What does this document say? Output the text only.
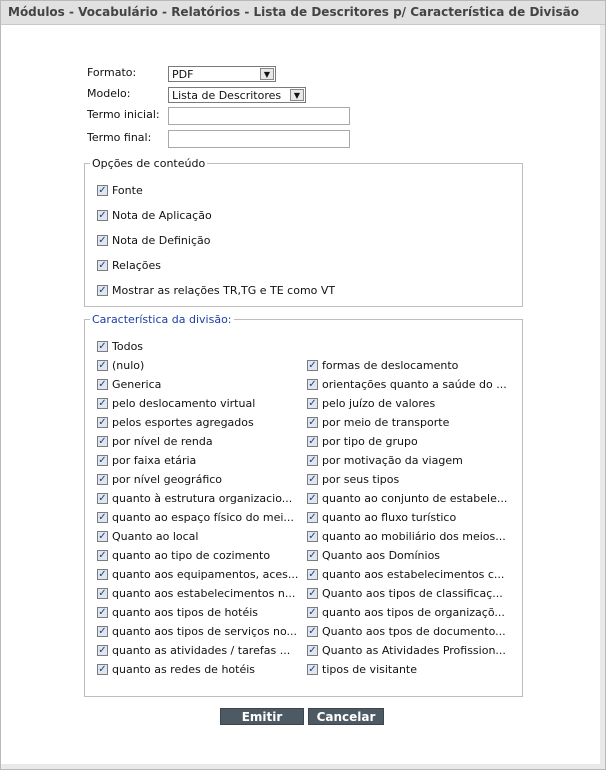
Módulos - Vocabulário - Relatórios - Lista de Descritores p/ Característica de Divisão
Formato:	PDF	▼
Modelo:	Lista de Descritores	▼
Termo inicial:
Termo final:
Opções de conteúdo
✓ Fonte
✓ Nota de Aplicação
✓ Nota de Definição
✓ Relações
✓ Mostrar as relações TR,TG e TE como VT
Característica da divisão:
✓ Todos
✓ (nulo)
✓ Generica
✓ pelo deslocamento virtual
✓ pelos esportes agregados
✓ por nível de renda
✓ por faixa etária
✓ por nível geográfico
✓ quanto à estrutura organizacio...
✓ quanto ao espaço físico do mei...
✓ Quanto ao local
✓ quanto ao tipo de cozimento
✓ quanto aos equipamentos, aces...
✓ quanto aos estabelecimentos n...
✓ quanto aos tipos de hotéis
✓ quanto aos tipos de serviços no...
✓ quanto as atividades / tarefas ...
✓ quanto as redes de hotéis
✓ formas de deslocamento
✓ orientações quanto a saúde do ...
✓ pelo juízo de valores
✓ por meio de transporte
✓ por tipo de grupo
✓ por motivação da viagem
✓ por seus tipos
✓ quanto ao conjunto de estabele...
✓ quanto ao fluxo turístico
✓ quanto ao mobiliário dos meios...
✓ Quanto aos Domínios
✓ quanto aos estabelecimentos c...
✓ Quanto aos tipos de classificaç...
✓ quanto aos tipos de organizaçõ...
✓ Quanto aos tpos de documento...
✓ Quanto as Atividades Profission...
✓ tipos de visitante
Emitir	Cancelar
